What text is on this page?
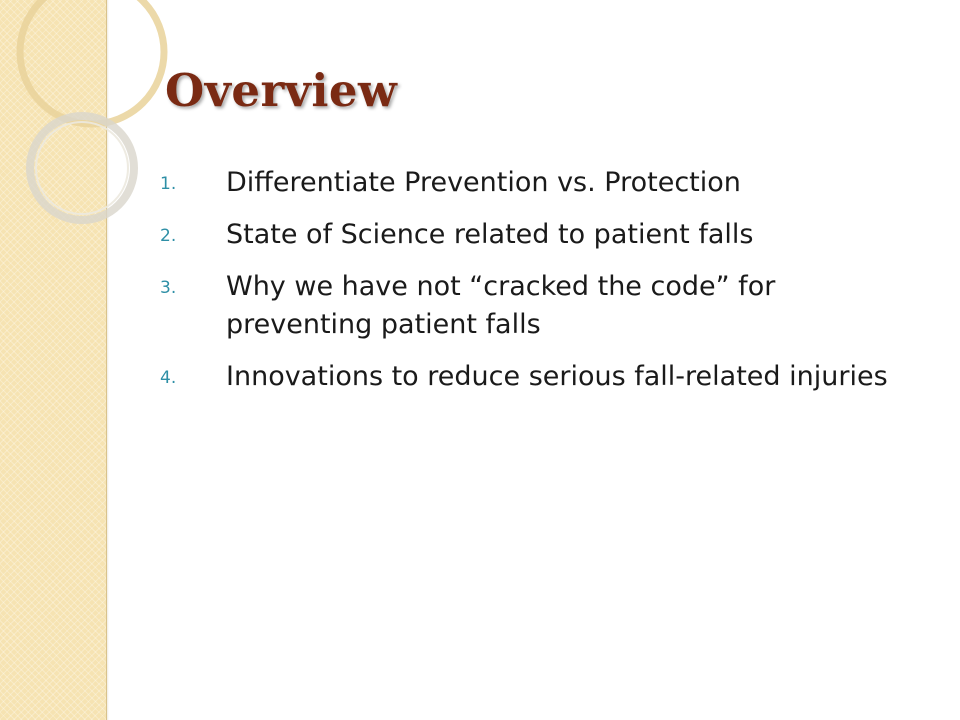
Overview
1. Differentiate Prevention vs. Protection
2. State of Science related to patient falls
3. Why we have not “cracked the code” for preventing patient falls
4. Innovations to reduce serious fall-related injuries
